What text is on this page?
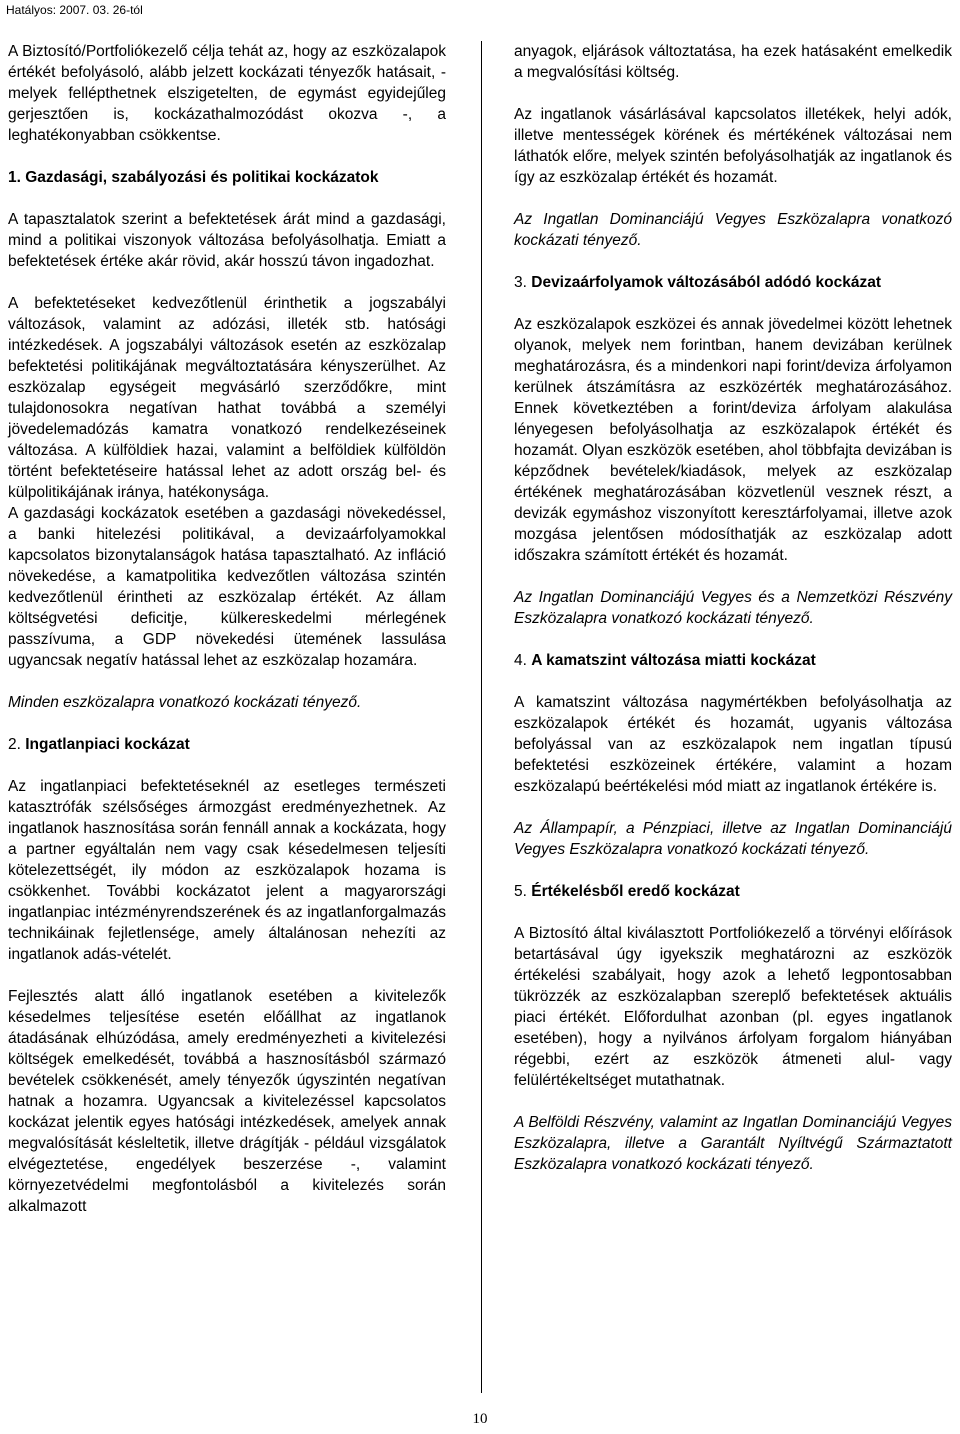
Hatályos: 2007. 03. 26-tól

A Biztosító/Portfoliókezelő célja tehát az, hogy az eszközalapok értékét befolyásoló, alább jelzett kockázati tényezők hatásait, - melyek fellépthetnek elszigetelten, de egymást egyidejűleg gerjesztően is, kockázathalmozódást okozva -, a leghatékonyabban csökkentse.

1. Gazdasági, szabályozási és politikai kockázatok

A tapasztalatok szerint a befektetések árát mind a gazdasági, mind a politikai viszonyok változása befolyásolhatja. Emiatt a befektetések értéke akár rövid, akár hosszú távon ingadozhat.

A befektetéseket kedvezőtlenül érinthetik a jogszabályi változások, valamint az adózási, illeték stb. hatósági intézkedések. A jogszabályi változások esetén az eszközalap befektetési politikájának megváltoztatására kényszerülhet. Az eszközalap egységeit megvásárló szerződőkre, mint tulajdonosokra negatívan hathat továbbá a személyi jövedelemadózás kamatra vonatkozó rendelkezéseinek változása. A külföldiek hazai, valamint a belföldiek külföldön történt befektetéseire hatással lehet az adott ország bel- és külpolitikájának iránya, hatékonysága.

A gazdasági kockázatok esetében a gazdasági növekedéssel, a banki hitelezési politikával, a devizaárfolyamokkal kapcsolatos bizonytalanságok hatása tapasztalható. Az infláció növekedése, a kamatpolitika kedvezőtlen változása szintén kedvezőtlenül érintheti az eszközalap értékét. Az állam költségvetési deficitje, külkereskedelmi mérlegének passzívuma, a GDP növekedési ütemének lassulása ugyancsak negatív hatással lehet az eszközalap hozamára.

Minden eszközalapra vonatkozó kockázati tényező.

2. Ingatlanpiaci kockázat

Az ingatlanpiaci befektetéseknél az esetleges természeti katasztrófák szélsőséges ármozgást eredményezhetnek. Az ingatlanok hasznosítása során fennáll annak a kockázata, hogy a partner egyáltalán nem vagy csak késedelmesen teljesíti kötelezettségét, ily módon az eszközalapok hozama is csökkenhet. További kockázatot jelent a magyarországi ingatlanpiac intézményrendszerének és az ingatlanforgalmazás technikáinak fejletlensége, amely általánosan nehezíti az ingatlanok adás-vételét.

Fejlesztés alatt álló ingatlanok esetében a kivitelezők késedelmes teljesítése esetén előállhat az ingatlanok átadásának elhúzódása, amely eredményezheti a kivitelezési költségek emelkedését, továbbá a hasznosításból származó bevételek csökkenését, amely tényezők úgyszintén negatívan hatnak a hozamra. Ugyancsak a kivitelezéssel kapcsolatos kockázat jelentik egyes hatósági intézkedések, amelyek annak megvalósítását késleltetik, illetve drágítják - például vizsgálatok elvégeztetése, engedélyek beszerzése -, valamint környezetvédelmi megfontolásból a kivitelezés során alkalmazott

anyagok, eljárások változtatása, ha ezek hatásaként emelkedik a megvalósítási költség.

Az ingatlanok vásárlásával kapcsolatos illetékek, helyi adók, illetve mentességek körének és mértékének változásai nem láthatók előre, melyek szintén befolyásolhatják az ingatlanok és így az eszközalap értékét és hozamát.

Az Ingatlan Dominanciájú Vegyes Eszközalapra vonatkozó kockázati tényező.

3. Devizaárfolyamok változásából adódó kockázat

Az eszközalapok eszközei és annak jövedelmei között lehetnek olyanok, melyek nem forintban, hanem devizában kerülnek meghatározásra, és a mindenkori napi forint/deviza árfolyamon kerülnek átszámításra az eszközérték meghatározásához. Ennek következtében a forint/deviza árfolyam alakulása lényegesen befolyásolhatja az eszközalapok értékét és hozamát. Olyan eszközök esetében, ahol többfajta devizában is képződnek bevételek/kiadások, melyek az eszközalap értékének meghatározásában közvetlenül vesznek részt, a devizák egymáshoz viszonyított keresztárfolyamai, illetve azok mozgása jelentősen módosíthatják az eszközalap adott időszakra számított értékét és hozamát.

Az Ingatlan Dominanciájú Vegyes és a Nemzetközi Részvény Eszközalapra vonatkozó kockázati tényező.

4. A kamatszint változása miatti kockázat

A kamatszint változása nagymértékben befolyásolhatja az eszközalapok értékét és hozamát, ugyanis változása befolyással van az eszközalapok nem ingatlan típusú befektetési eszközeinek értékére, valamint a hozam eszközalapú beértékelési mód miatt az ingatlanok értékére is.

Az Állampapír, a Pénzpiaci, illetve az Ingatlan Dominanciájú Vegyes Eszközalapra vonatkozó kockázati tényező.

5. Értékelésből eredő kockázat

A Biztosító által kiválasztott Portfoliókezelő a törvényi előírások betartásával úgy igyekszik meghatározni az eszközök értékelési szabályait, hogy azok a lehető legpontosabban tükrözzék az eszközalapban szereplő befektetések aktuális piaci értékét. Előfordulhat azonban (pl. egyes ingatlanok esetében), hogy a nyilvános árfolyam forgalom hiányában régebbi, ezért az eszközök átmeneti alul- vagy felülértékeltséget mutathatnak.

A Belföldi Részvény, valamint az Ingatlan Dominanciájú Vegyes Eszközalapra, illetve a Garantált Nyíltvégű Származtatott Eszközalapra vonatkozó kockázati tényező.

10
